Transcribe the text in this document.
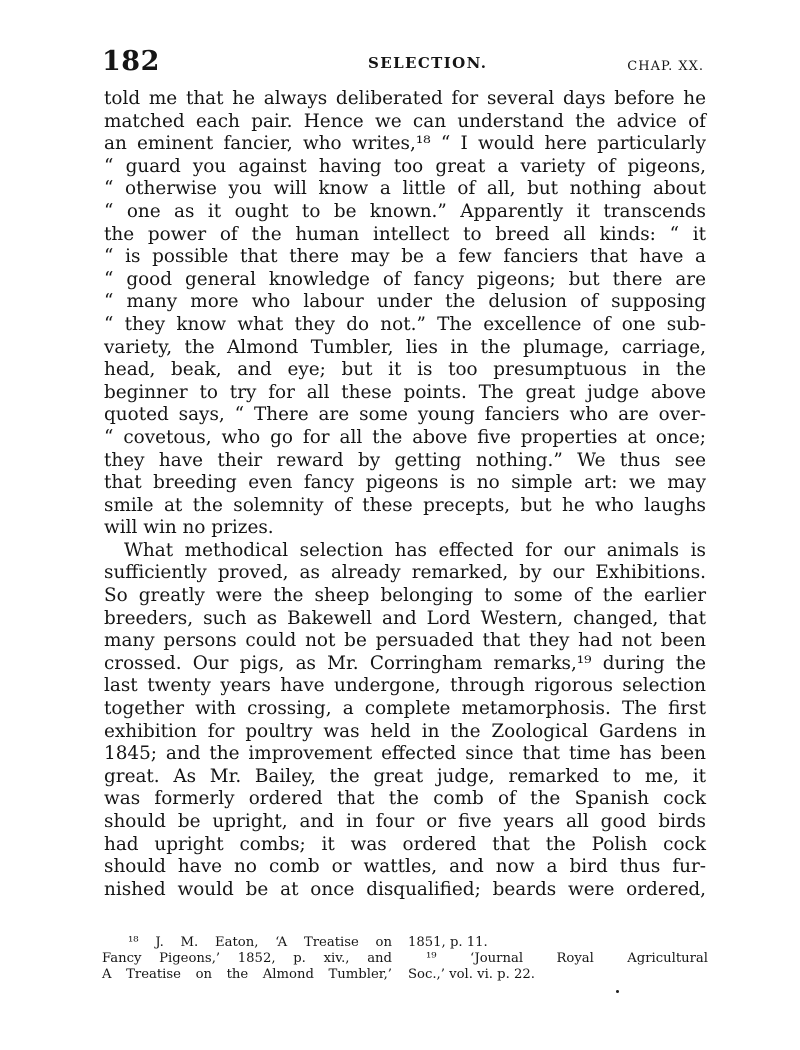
182	SELECTION.	CHAP. XX.
told me that he always deliberated for several days before he
matched each pair. Hence we can understand the advice of
an eminent fancier, who writes,¹⁸ “ I would here particularly
“ guard you against having too great a variety of pigeons,
“ otherwise you will know a little of all, but nothing about
“ one as it ought to be known.” Apparently it transcends
the power of the human intellect to breed all kinds: “ it
“ is possible that there may be a few fanciers that have a
“ good general knowledge of fancy pigeons; but there are
“ many more who labour under the delusion of supposing
“ they know what they do not.” The excellence of one sub-
variety, the Almond Tumbler, lies in the plumage, carriage,
head, beak, and eye; but it is too presumptuous in the
beginner to try for all these points. The great judge above
quoted says, “ There are some young fanciers who are over-
“ covetous, who go for all the above five properties at once;
they have their reward by getting nothing.” We thus see
that breeding even fancy pigeons is no simple art: we may
smile at the solemnity of these precepts, but he who laughs
will win no prizes.
What methodical selection has effected for our animals is
sufficiently proved, as already remarked, by our Exhibitions.
So greatly were the sheep belonging to some of the earlier
breeders, such as Bakewell and Lord Western, changed, that
many persons could not be persuaded that they had not been
crossed. Our pigs, as Mr. Corringham remarks,¹⁹ during the
last twenty years have undergone, through rigorous selection
together with crossing, a complete metamorphosis. The first
exhibition for poultry was held in the Zoological Gardens in
1845; and the improvement effected since that time has been
great. As Mr. Bailey, the great judge, remarked to me, it
was formerly ordered that the comb of the Spanish cock
should be upright, and in four or five years all good birds
had upright combs; it was ordered that the Polish cock
should have no comb or wattles, and now a bird thus fur-
nished would be at once disqualified; beards were ordered,
¹⁸ J. M. Eaton, ‘A Treatise on
Fancy Pigeons,’ 1852, p. xiv., and
A Treatise on the Almond Tumbler,’
1851, p. 11.
¹⁹ ‘Journal Royal Agricultural
Soc.,’ vol. vi. p. 22.
